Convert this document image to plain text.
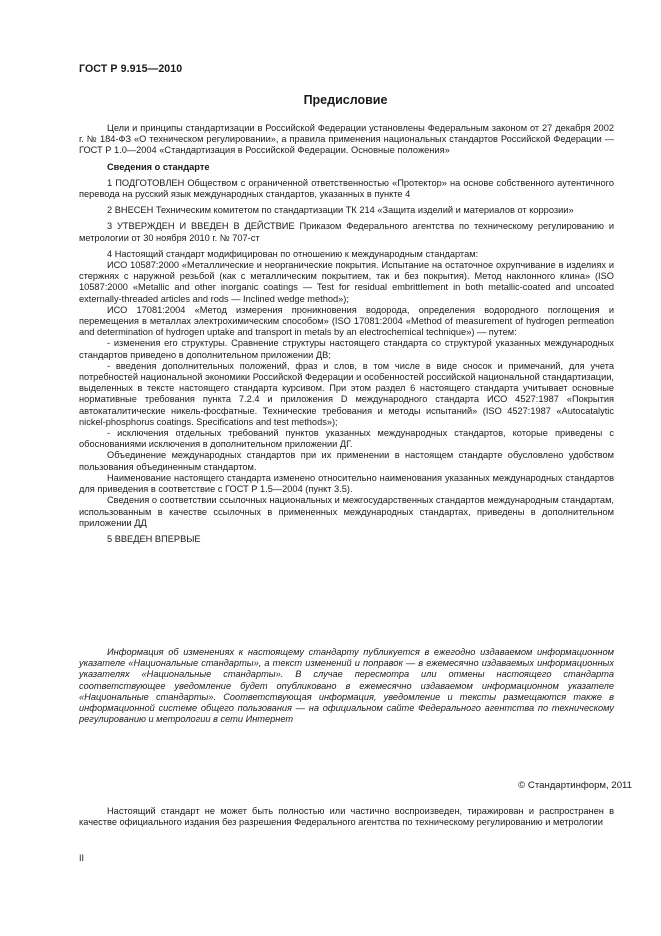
ГОСТ Р 9.915—2010
Предисловие

Цели и принципы стандартизации в Российской Федерации установлены Федеральным законом от 27 декабря 2002 г. № 184-ФЗ «О техническом регулировании», а правила применения национальных стандартов Российской Федерации — ГОСТ Р 1.0—2004 «Стандартизация в Российской Федерации. Основные положения»

Сведения о стандарте

1 ПОДГОТОВЛЕН Обществом с ограниченной ответственностью «Протектор» на основе собственного аутентичного перевода на русский язык международных стандартов, указанных в пункте 4

2 ВНЕСЕН Техническим комитетом по стандартизации ТК 214 «Защита изделий и материалов от коррозии»

3 УТВЕРЖДЕН И ВВЕДЕН В ДЕЙСТВИЕ Приказом Федерального агентства по техническому регулированию и метрологии от 30 ноября 2010 г. № 707-ст

4 Настоящий стандарт модифицирован по отношению к международным стандартам:

ИСО 10587:2000 «Металлические и неорганические покрытия. Испытание на остаточное охрупчивание в изделиях и стержнях с наружной резьбой (как с металлическим покрытием, так и без покрытия). Метод наклонного клина» (ISO 10587:2000 «Metallic and other inorganic coatings — Test for residual embrittlement in both metallic-coated and uncoated externally-threaded articles and rods — Inclined wedge method»);

ИСО 17081:2004 «Метод измерения проникновения водорода, определения водородного поглощения и перемещения в металлах электрохимическим способом» (ISO 17081:2004 «Method of measurement of hydrogen permeation and determination of hydrogen uptake and transport in metals by an electrochemical technique») — путем:

- изменения его структуры. Сравнение структуры настоящего стандарта со структурой указанных международных стандартов приведено в дополнительном приложении ДВ;

- введения дополнительных положений, фраз и слов, в том числе в виде сносок и примечаний, для учета потребностей национальной экономики Российской Федерации и особенностей российской национальной стандартизации, выделенных в тексте настоящего стандарта курсивом. При этом раздел 6 настоящего стандарта учитывает основные нормативные требования пункта 7.2.4 и приложения D международного стандарта ИСО 4527:1987 «Покрытия автокаталитические никель-фосфатные. Технические требования и методы испытаний» (ISO 4527:1987 «Autocatalytic nickel-phosphorus coatings. Specifications and test methods»);

- исключения отдельных требований пунктов указанных международных стандартов, которые приведены с обоснованиями исключения в дополнительном приложении ДГ.

Объединение международных стандартов при их применении в настоящем стандарте обусловлено удобством пользования объединенным стандартом.

Наименование настоящего стандарта изменено относительно наименования указанных международных стандартов для приведения в соответствие с ГОСТ Р 1.5—2004 (пункт 3.5).

Сведения о соответствии ссылочных национальных и межгосударственных стандартов международным стандартам, использованным в качестве ссылочных в примененных международных стандартах, приведены в дополнительном приложении ДД

5 ВВЕДЕН ВПЕРВЫЕ

Информация об изменениях к настоящему стандарту публикуется в ежегодно издаваемом информационном указателе «Национальные стандарты», а текст изменений и поправок — в ежемесячно издаваемых информационных указателях «Национальные стандарты». В случае пересмотра или отмены настоящего стандарта соответствующее уведомление будет опубликовано в ежемесячно издаваемом информационном указателе «Национальные стандарты». Соответствующая информация, уведомление и тексты размещаются также в информационной системе общего пользования — на официальном сайте Федерального агентства по техническому регулированию и метрологии в сети Интернет

© Стандартинформ, 2011

Настоящий стандарт не может быть полностью или частично воспроизведен, тиражирован и распространен в качестве официального издания без разрешения Федерального агентства по техническому регулированию и метрологии

II
